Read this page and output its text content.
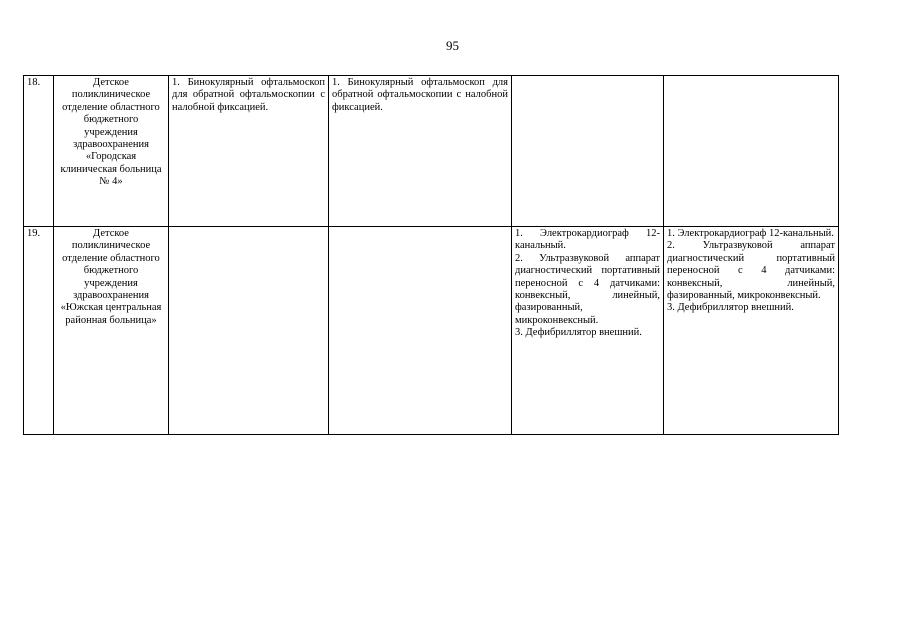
95
18.	Детское поликлиническое отделение областного бюджетного учреждения здравоохранения «Городская клиническая больница № 4»	1. Бинокулярный офтальмоскоп для обратной офтальмоскопии с налобной фиксацией.	1. Бинокулярный офтальмоскоп для обратной офтальмоскопии с налобной фиксацией.		

19.	Детское поликлиническое отделение областного бюджетного учреждения здравоохранения «Южская центральная районная больница»			1. Электрокардиограф 12-канальный.
2. Ультразвуковой аппарат диагностический портативный переносной с 4 датчиками: конвексный, линейный, фазированный, микроконвексный.
3. Дефибриллятор внешний.	1. Электрокардиограф 12-канальный.
2. Ультразвуковой аппарат диагностический портативный переносной с 4 датчиками: конвексный, линейный, фазированный, микроконвексный.
3. Дефибриллятор внешний.
